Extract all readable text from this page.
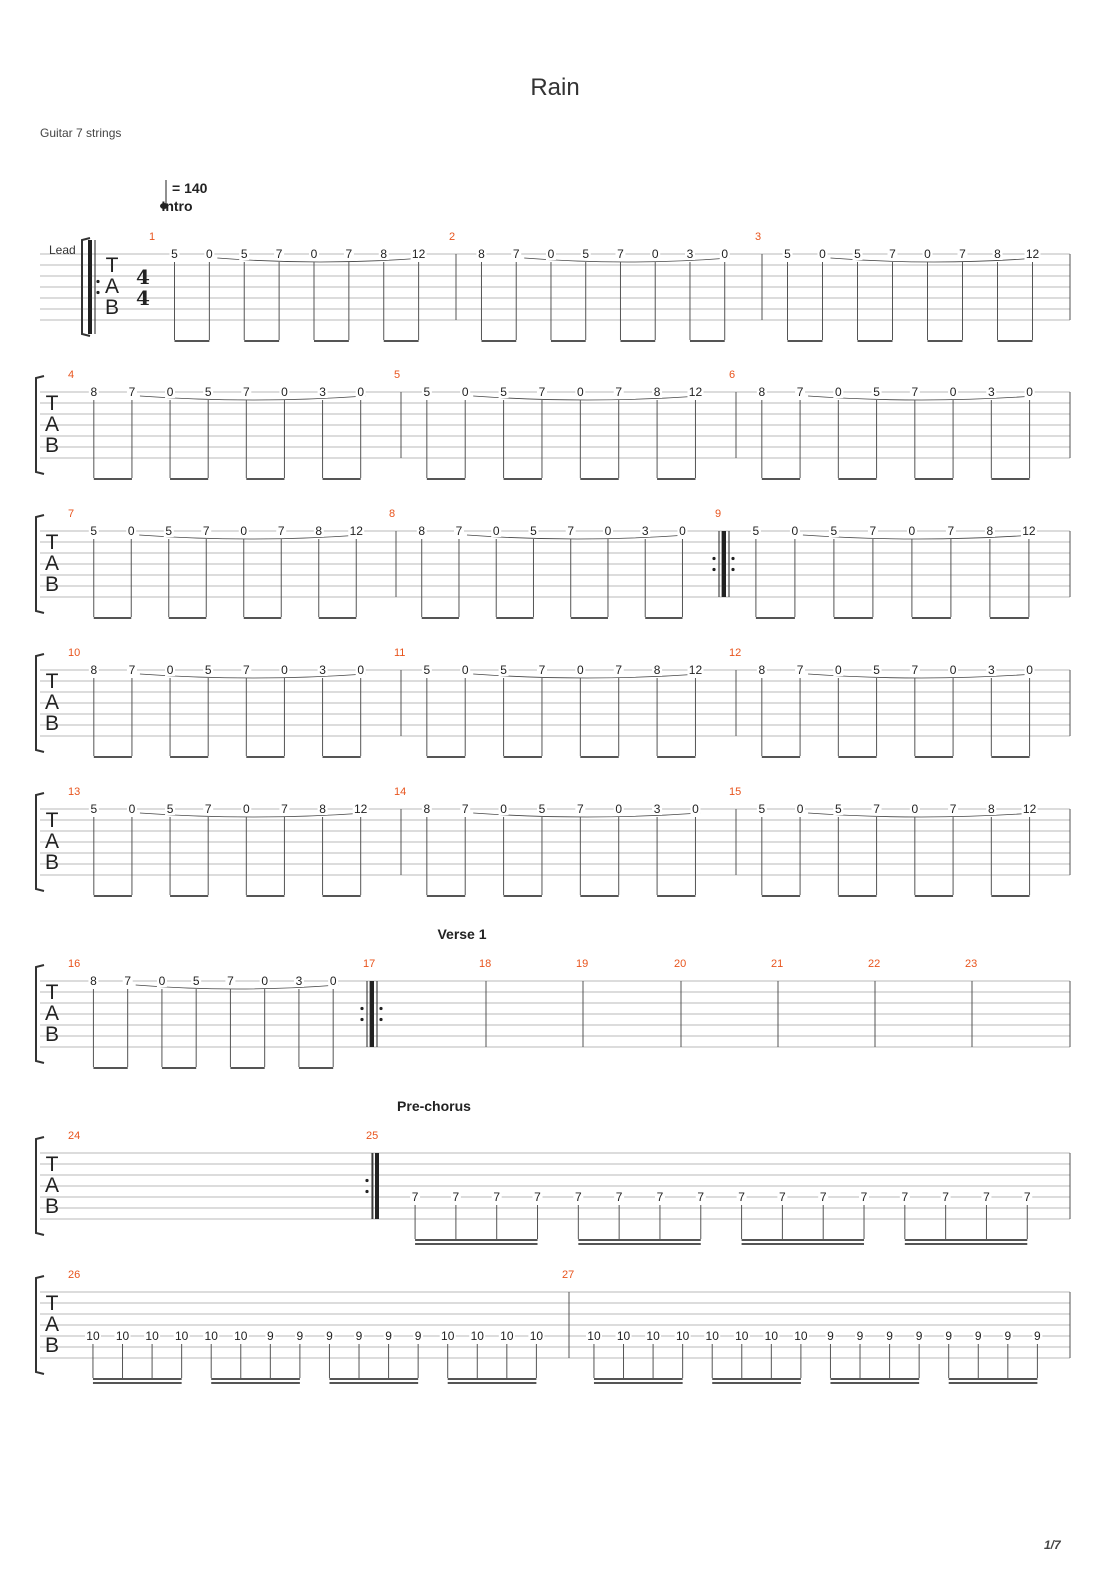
Rain
Guitar 7 strings
T
A
B
4
4
Lead
= 140
1
Intro
5 0 5 7 0 7 8 12
2
8 7 0 5 7 0 3 0
3
5 0 5 7 0 7 8 12
T
A
B
4
8	7	0	5	7	0	3	0
5
5	0	5	7	0	7	8 12
6
8	7	0	5	7	0	3	0
T
A
B
7
5	0	5	7	0	7	8 12
8
8	7	0	5	7	0	3	0
9
5	0	5	7	0	7	8 12
T
A
B
10
8	7	0	5	7	0	3	0
11
5	0	5	7	0	7	8 12
12
8	7	0	5	7	0	3	0
T
A
B
13
5	0	5	7	0	7	8 12
14
8	7	0	5	7	0	3	0
15
5	0	5	7	0	7	8 12
T
A
B
16
8 7 0 5 7 0 3 0
17
Verse 1
18	19	20	21	22	23
T
A
B
24	25
Pre-chorus
7	7	7	7	7	7	7	7	7	7	7	7	7	7	7	7
T
A
B
26
10 10 10 10 10 10 9 9 9 9 9 9 10 10 10 10
27
10 10 10 10 10 10 10 10 9 9 9 9 9 9 9 9
1/7
